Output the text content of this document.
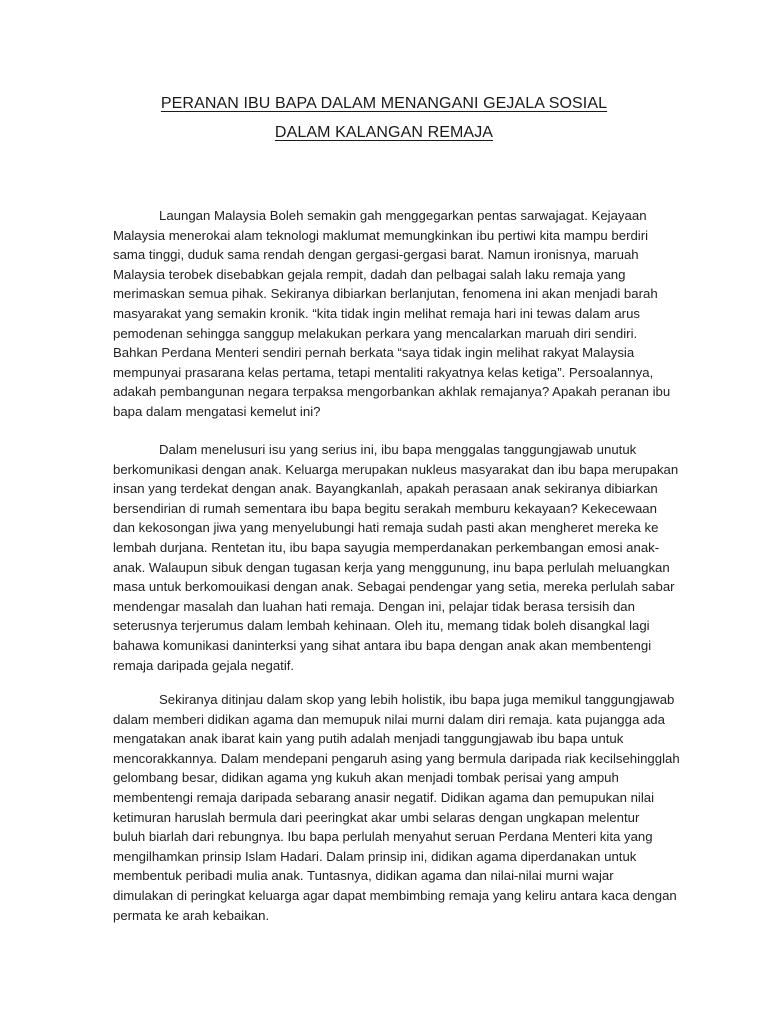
PERANAN IBU BAPA DALAM MENANGANI GEJALA SOSIAL
DALAM KALANGAN REMAJA
Laungan Malaysia Boleh semakin gah menggegarkan pentas sarwajagat. Kejayaan
Malaysia menerokai alam teknologi maklumat memungkinkan ibu pertiwi kita mampu berdiri
sama tinggi, duduk sama rendah dengan gergasi-gergasi barat. Namun ironisnya, maruah
Malaysia terobek disebabkan gejala rempit, dadah dan pelbagai salah laku remaja yang
merimaskan semua pihak. Sekiranya dibiarkan berlanjutan, fenomena ini akan menjadi barah
masyarakat yang semakin kronik. “kita tidak ingin melihat remaja hari ini tewas dalam arus
pemodenan sehingga sanggup melakukan perkara yang mencalarkan maruah diri sendiri.
Bahkan Perdana Menteri sendiri pernah berkata “saya tidak ingin melihat rakyat Malaysia
mempunyai prasarana kelas pertama, tetapi mentaliti rakyatnya kelas ketiga”. Persoalannya,
adakah pembangunan negara terpaksa mengorbankan akhlak remajanya? Apakah peranan ibu
bapa dalam mengatasi kemelut ini?
Dalam menelusuri isu yang serius ini, ibu bapa menggalas tanggungjawab unutuk
berkomunikasi dengan anak. Keluarga merupakan nukleus masyarakat dan ibu bapa merupakan
insan yang terdekat dengan anak. Bayangkanlah, apakah perasaan anak sekiranya dibiarkan
bersendirian di rumah sementara ibu bapa begitu serakah memburu kekayaan? Kekecewaan
dan kekosongan jiwa yang menyelubungi hati remaja sudah pasti akan mengheret mereka ke
lembah durjana. Rentetan itu, ibu bapa sayugia memperdanakan perkembangan emosi anak-
anak. Walaupun sibuk dengan tugasan kerja yang menggunung, inu bapa perlulah meluangkan
masa untuk berkomouikasi dengan anak. Sebagai pendengar yang setia, mereka perlulah sabar
mendengar masalah dan luahan hati remaja. Dengan ini, pelajar tidak berasa tersisih dan
seterusnya terjerumus dalam lembah kehinaan. Oleh itu, memang tidak boleh disangkal lagi
bahawa komunikasi daninterksi yang sihat antara ibu bapa dengan anak akan membentengi
remaja daripada gejala negatif.
Sekiranya ditinjau dalam skop yang lebih holistik, ibu bapa juga memikul tanggungjawab
dalam memberi didikan agama dan memupuk nilai murni dalam diri remaja. kata pujangga ada
mengatakan anak ibarat kain yang putih adalah menjadi tanggungjawab ibu bapa untuk
mencorakkannya. Dalam mendepani pengaruh asing yang bermula daripada riak kecilsehingglah
gelombang besar, didikan agama yng kukuh akan menjadi tombak perisai yang ampuh
membentengi remaja daripada sebarang anasir negatif. Didikan agama dan pemupukan nilai
ketimuran haruslah bermula dari peeringkat akar umbi selaras dengan ungkapan melentur
buluh biarlah dari rebungnya. Ibu bapa perlulah menyahut seruan Perdana Menteri kita yang
mengilhamkan prinsip Islam Hadari. Dalam prinsip ini, didikan agama diperdanakan untuk
membentuk peribadi mulia anak. Tuntasnya, didikan agama dan nilai-nilai murni wajar
dimulakan di peringkat keluarga agar dapat membimbing remaja yang keliru antara kaca dengan
permata ke arah kebaikan.
